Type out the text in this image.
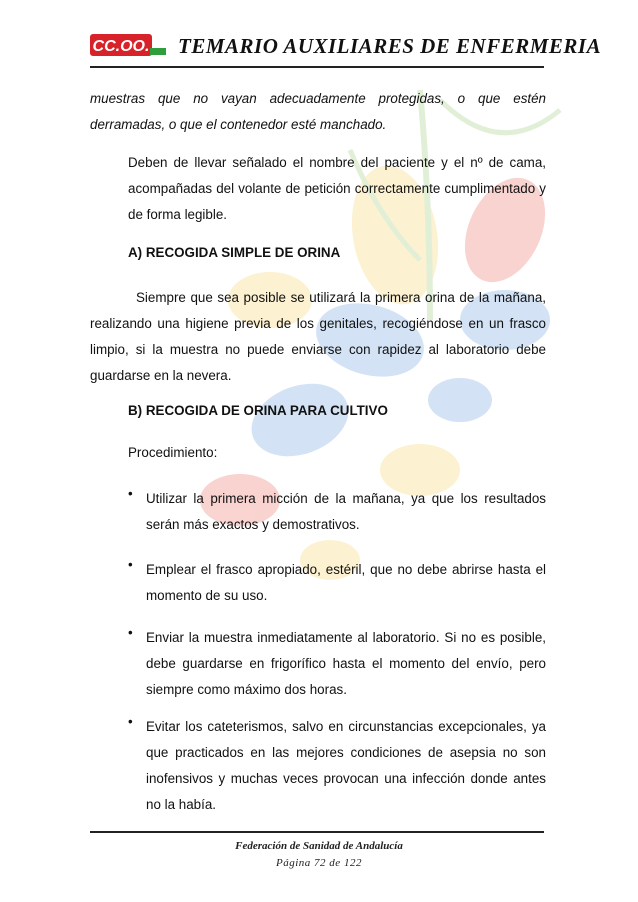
CC.OO. TEMARIO AUXILIARES DE ENFERMERIA
muestras que no vayan adecuadamente protegidas, o que estén derramadas, o que el contenedor esté manchado.
Deben de llevar señalado el nombre del paciente y el nº de cama, acompañadas del volante de petición correctamente cumplimentado y de forma legible.
A) RECOGIDA SIMPLE DE ORINA
Siempre que sea posible se utilizará la primera orina de la mañana, realizando una higiene previa de los genitales, recogiéndose en un frasco limpio, si la muestra no puede enviarse con rapidez al laboratorio debe guardarse en la nevera.
B) RECOGIDA DE ORINA PARA CULTIVO
Procedimiento:
• Utilizar la primera micción de la mañana, ya que los resultados serán más exactos y demostrativos.
• Emplear el frasco apropiado, estéril, que no debe abrirse hasta el momento de su uso.
• Enviar la muestra inmediatamente al laboratorio. Si no es posible, debe guardarse en frigorífico hasta el momento del envío, pero siempre como máximo dos horas.
• Evitar los cateterismos, salvo en circunstancias excepcionales, ya que practicados en las mejores condiciones de asepsia no son inofensivos y muchas veces provocan una infección donde antes no la había.
Federación de Sanidad de Andalucía
Página 72 de 122
